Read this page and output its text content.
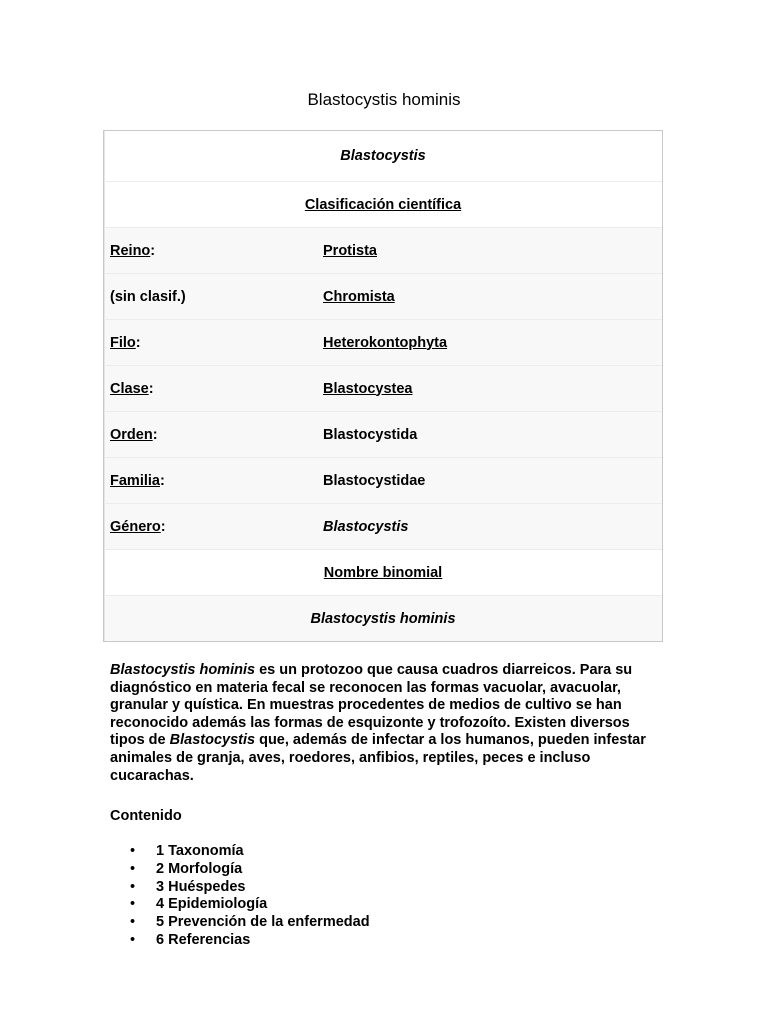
Blastocystis hominis
Blastocystis
Clasificación científica
Reino:	Protista
(sin clasif.)	Chromista
Filo:	Heterokontophyta
Clase:	Blastocystea
Orden:	Blastocystida
Familia:	Blastocystidae
Género:	Blastocystis
Nombre binomial
Blastocystis hominis
Blastocystis hominis es un protozoo que causa cuadros diarreicos. Para su diagnóstico en materia fecal se reconocen las formas vacuolar, avacuolar, granular y quística. En muestras procedentes de medios de cultivo se han reconocido además las formas de esquizonte y trofozoíto. Existen diversos tipos de Blastocystis que, además de infectar a los humanos, pueden infestar animales de granja, aves, roedores, anfibios, reptiles, peces e incluso cucarachas.
Contenido
• 1 Taxonomía
• 2 Morfología
• 3 Huéspedes
• 4 Epidemiología
• 5 Prevención de la enfermedad
• 6 Referencias
